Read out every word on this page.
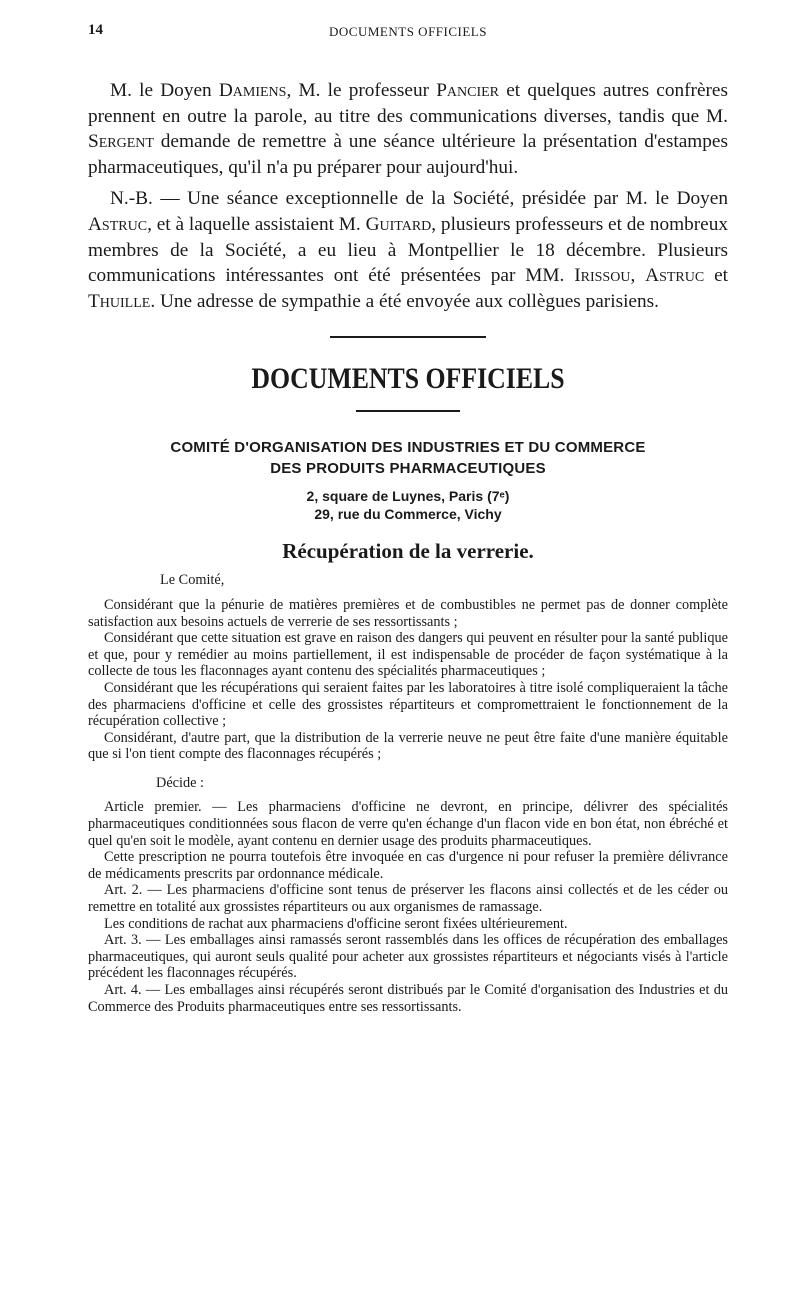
14	DOCUMENTS OFFICIELS

M. le Doyen Damiens, M. le professeur Pancier et quelques autres confrères prennent en outre la parole, au titre des communications diverses, tandis que M. Sergent demande de remettre à une séance ultérieure la présentation d'estampes pharmaceutiques, qu'il n'a pu préparer pour aujourd'hui.

N.-B. — Une séance exceptionnelle de la Société, présidée par M. le Doyen Astruc, et à laquelle assistaient M. Guitard, plusieurs professeurs et de nombreux membres de la Société, a eu lieu à Montpellier le 18 décembre. Plusieurs communications intéressantes ont été présentées par MM. Irissou, Astruc et Thuille. Une adresse de sympathie a été envoyée aux collègues parisiens.

DOCUMENTS OFFICIELS
COMITÉ D'ORGANISATION DES INDUSTRIES ET DU COMMERCE
DES PRODUITS PHARMACEUTIQUES
2, square de Luynes, Paris (7ᵉ)
29, rue du Commerce, Vichy
Récupération de la verrerie.

Le Comité,

Considérant que la pénurie de matières premières et de combustibles ne permet pas de donner complète satisfaction aux besoins actuels de verrerie de ses ressortissants ;

Considérant que cette situation est grave en raison des dangers qui peuvent en résulter pour la santé publique et que, pour y remédier au moins partiellement, il est indispensable de procéder de façon systématique à la collecte de tous les flaconnages ayant contenu des spécialités pharmaceutiques ;

Considérant que les récupérations qui seraient faites par les laboratoires à titre isolé compliqueraient la tâche des pharmaciens d'officine et celle des grossistes répartiteurs et compromettraient le fonctionnement de la récupération collective ;

Considérant, d'autre part, que la distribution de la verrerie neuve ne peut être faite d'une manière équitable que si l'on tient compte des flaconnages récupérés ;

Décide :

Article premier. — Les pharmaciens d'officine ne devront, en principe, délivrer des spécialités pharmaceutiques conditionnées sous flacon de verre qu'en échange d'un flacon vide en bon état, non ébréché et quel qu'en soit le modèle, ayant contenu en dernier usage des produits pharmaceutiques.

Cette prescription ne pourra toutefois être invoquée en cas d'urgence ni pour refuser la première délivrance de médicaments prescrits par ordonnance médicale.

Art. 2. — Les pharmaciens d'officine sont tenus de préserver les flacons ainsi collectés et de les céder ou remettre en totalité aux grossistes répartiteurs ou aux organismes de ramassage.

Les conditions de rachat aux pharmaciens d'officine seront fixées ultérieurement.

Art. 3. — Les emballages ainsi ramassés seront rassemblés dans les offices de récupération des emballages pharmaceutiques, qui auront seuls qualité pour acheter aux grossistes répartiteurs et négociants visés à l'article précédent les flaconnages récupérés.

Art. 4. — Les emballages ainsi récupérés seront distribués par le Comité d'organisation des Industries et du Commerce des Produits pharmaceutiques entre ses ressortissants.
